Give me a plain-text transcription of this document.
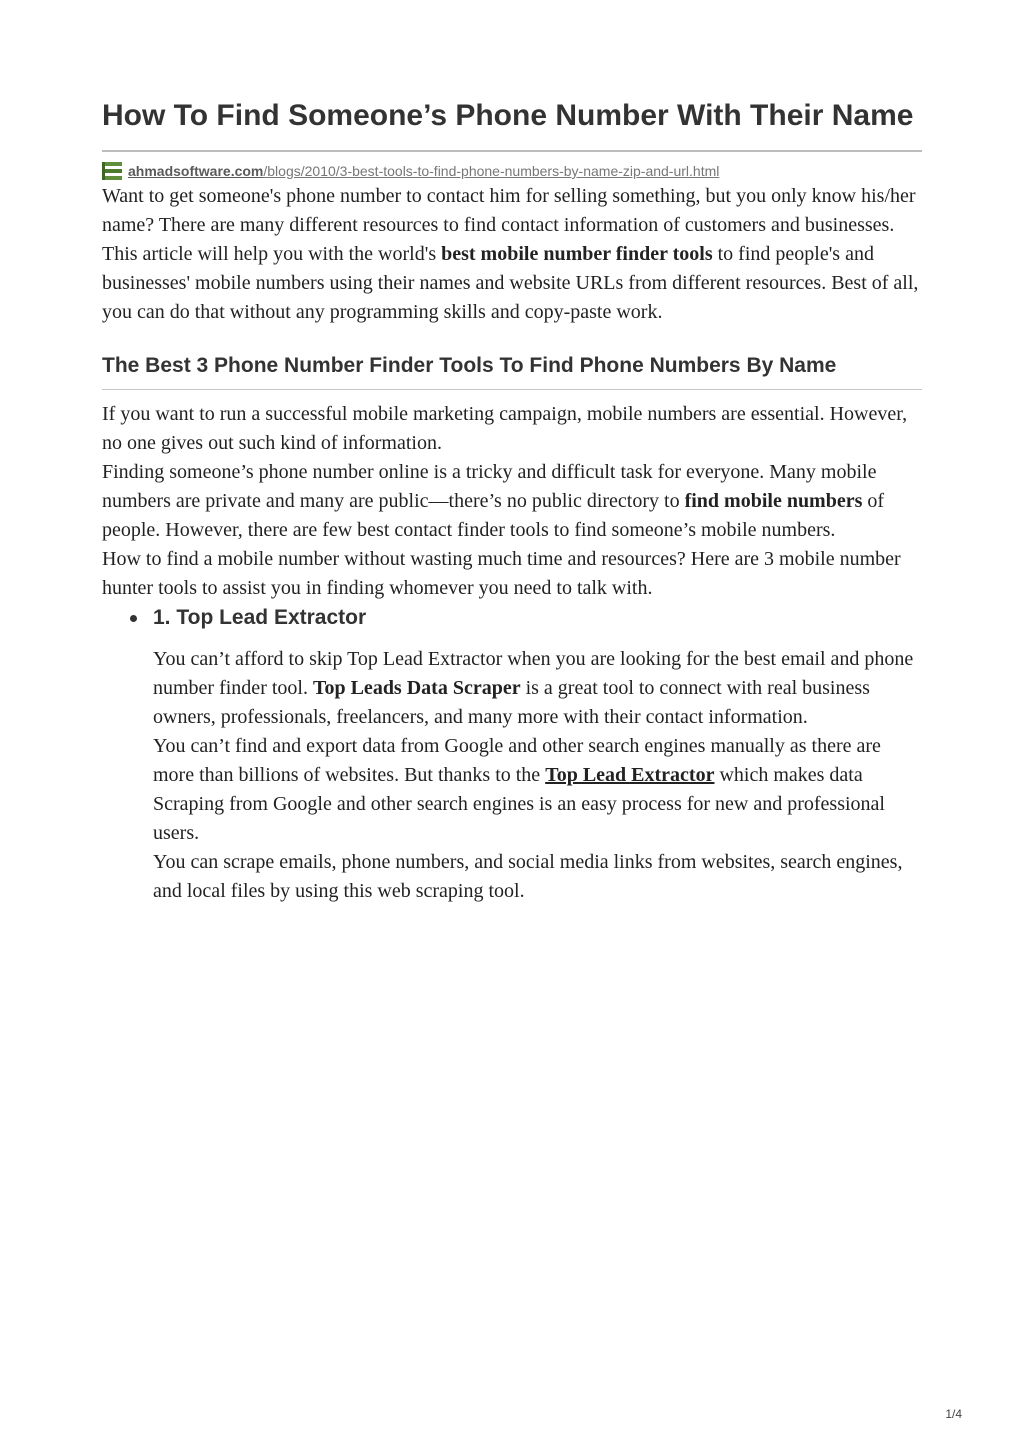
How To Find Someone’s Phone Number With Their Name
ahmadsoftware.com/blogs/2010/3-best-tools-to-find-phone-numbers-by-name-zip-and-url.html

Want to get someone's phone number to contact him for selling something, but you only know his/her name? There are many different resources to find contact information of customers and businesses. This article will help you with the world's best mobile number finder tools to find people's and businesses' mobile numbers using their names and website URLs from different resources. Best of all, you can do that without any programming skills and copy-paste work.

The Best 3 Phone Number Finder Tools To Find Phone Numbers By Name

If you want to run a successful mobile marketing campaign, mobile numbers are essential. However, no one gives out such kind of information.

Finding someone’s phone number online is a tricky and difficult task for everyone. Many mobile numbers are private and many are public—there’s no public directory to find mobile numbers of people. However, there are few best contact finder tools to find someone’s mobile numbers.

How to find a mobile number without wasting much time and resources? Here are 3 mobile number hunter tools to assist you in finding whomever you need to talk with.

1. Top Lead Extractor

You can’t afford to skip Top Lead Extractor when you are looking for the best email and phone number finder tool. Top Leads Data Scraper is a great tool to connect with real business owners, professionals, freelancers, and many more with their contact information.

You can’t find and export data from Google and other search engines manually as there are more than billions of websites. But thanks to the Top Lead Extractor which makes data Scraping from Google and other search engines is an easy process for new and professional users.

You can scrape emails, phone numbers, and social media links from websites, search engines, and local files by using this web scraping tool.

1/4
